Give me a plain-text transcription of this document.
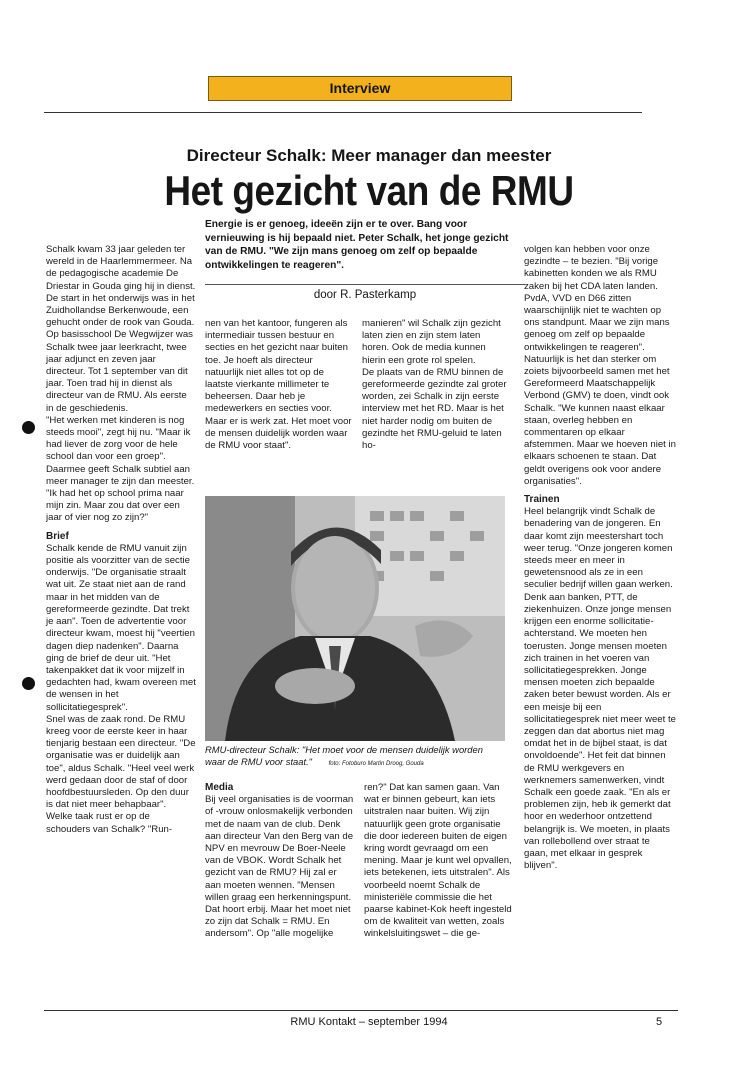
Interview
Directeur Schalk: Meer manager dan meester
Het gezicht van de RMU
Energie is er genoeg, ideeën zijn er te over. Bang voor vernieuwing is hij bepaald niet. Peter Schalk, het jonge gezicht van de RMU. "We zijn mans genoeg om zelf op bepaalde ontwikkelingen te reageren".
door R. Pasterkamp
Schalk kwam 33 jaar geleden ter wereld in de Haarlemmermeer. Na de pedagogische academie De Driestar in Gouda ging hij in dienst. De start in het onderwijs was in het Zuidhollandse Berkenwoude, een gehucht onder de rook van Gouda. Op basisschool De Wegwijzer was Schalk twee jaar leerkracht, twee jaar adjunct en zeven jaar directeur. Tot 1 september van dit jaar. Toen trad hij in dienst als directeur van de RMU. Als eerste in de geschiedenis.
"Het werken met kinderen is nog steeds mooi", zegt hij nu. "Maar ik had liever de zorg voor de hele school dan voor een groep". Daarmee geeft Schalk subtiel aan meer manager te zijn dan meester. "Ik had het op school prima naar mijn zin. Maar zou dat over een jaar of vier nog zo zijn?"
Brief
Schalk kende de RMU vanuit zijn positie als voorzitter van de sectie onderwijs. "De organisatie straalt wat uit. Ze staat niet aan de rand maar in het midden van de gereformeerde gezindte. Dat trekt je aan". Toen de advertentie voor directeur kwam, moest hij "veertien dagen diep nadenken". Daarna ging de brief de deur uit. "Het takenpakket dat ik voor mijzelf in gedachten had, kwam overeen met de wensen in het sollicitatiegesprek".
Snel was de zaak rond. De RMU kreeg voor de eerste keer in haar tienjarig bestaan een directeur. "De organisatie was er duidelijk aan toe", aldus Schalk. "Heel veel werk werd gedaan door de staf of door hoofdbestuursleden. Op den duur is dat niet meer behapbaar".
Welke taak rust er op de schouders van Schalk? "Run-
nen van het kantoor, fungeren als intermediair tussen bestuur en secties en het gezicht naar buiten toe. Je hoeft als directeur natuurlijk niet alles tot op de laatste vierkante millimeter te beheersen. Daar heb je medewerkers en secties voor. Maar er is werk zat. Het moet voor de mensen duidelijk worden waar de RMU voor staat".
manieren" wil Schalk zijn gezicht laten zien en zijn stem laten horen. Ook de media kunnen hierin een grote rol spelen.
De plaats van de RMU binnen de gereformeerde gezindte zal groter worden, zei Schalk in zijn eerste interview met het RD. Maar is het niet harder nodig om buiten de gezindte het RMU-geluid te laten ho-
RMU-directeur Schalk: "Het moet voor de mensen duidelijk worden waar de RMU voor staat."	foto: Fotoburo Martin Droog, Gouda
Media
Bij veel organisaties is de voorman of -vrouw onlosmakelijk verbonden met de naam van de club. Denk aan directeur Van den Berg van de NPV en mevrouw De Boer-Neele van de VBOK. Wordt Schalk het gezicht van de RMU? Hij zal er aan moeten wennen. "Mensen willen graag een herkenningspunt. Dat hoort erbij. Maar het moet niet zo zijn dat Schalk = RMU. En andersom". Op "alle mogelijke
ren?" Dat kan samen gaan. Van wat er binnen gebeurt, kan iets uitstralen naar buiten. Wij zijn natuurlijk geen grote organisatie die door iedereen buiten de eigen kring wordt gevraagd om een mening. Maar je kunt wel opvallen, iets betekenen, iets uitstralen". Als voorbeeld noemt Schalk de ministeriële commissie die het paarse kabinet-Kok heeft ingesteld om de kwaliteit van wetten, zoals winkelsluitingswet – die ge-
volgen kan hebben voor onze gezindte – te bezien. "Bij vorige kabinetten konden we als RMU zaken bij het CDA laten landen. PvdA, VVD en D66 zitten waarschijnlijk niet te wachten op ons standpunt. Maar we zijn mans genoeg om zelf op bepaalde ontwikkelingen te reageren". Natuurlijk is het dan sterker om zoiets bijvoorbeeld samen met het Gereformeerd Maatschappelijk Verbond (GMV) te doen, vindt ook Schalk. "We kunnen naast elkaar staan, overleg hebben en commentaren op elkaar afstemmen. Maar we hoeven niet in elkaars schoenen te staan. Dat geldt overigens ook voor andere organisaties".
Trainen
Heel belangrijk vindt Schalk de benadering van de jongeren. En daar komt zijn meestershart toch weer terug. "Onze jongeren komen steeds meer en meer in gewetensnood als ze in een seculier bedrijf willen gaan werken. Denk aan banken, PTT, de ziekenhuizen. Onze jonge mensen krijgen een enorme sollicitatie-achterstand. We moeten hen toerusten. Jonge mensen moeten zich trainen in het voeren van sollicitatiegesprekken. Jonge mensen moeten zich bepaalde zaken beter bewust worden. Als er een meisje bij een sollicitatiegesprek niet meer weet te zeggen dan dat abortus niet mag omdat het in de bijbel staat, is dat onvoldoende". Het feit dat binnen de RMU werkgevers en werknemers samenwerken, vindt Schalk een goede zaak. "En als er problemen zijn, heb ik gemerkt dat hoor en wederhoor ontzettend belangrijk is. We moeten, in plaats van rollebollend over straat te gaan, met elkaar in gesprek blijven".
RMU Kontakt – september 1994	5
